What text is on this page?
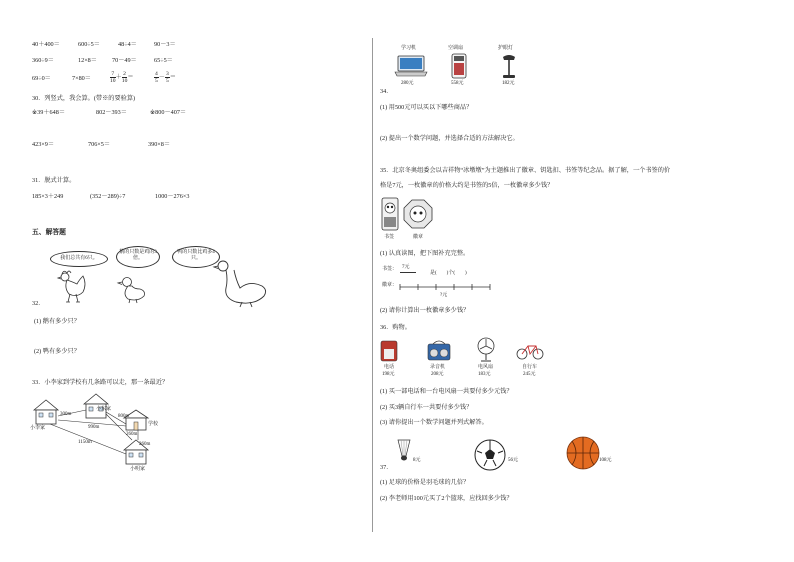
40＋400＝	600÷5＝	48÷4＝	90－3＝
360÷9＝	12×8＝ 70－49＝	65÷5＝
69÷0＝	7×80＝	$\frac{7}{10} + \frac{2}{10}$ ＝	$\frac{4}{5} - \frac{3}{5}$ ＝
30．列竖式，我会算。(带※的要验算)
※39＋648＝	802－393＝	※800－407＝
423×9＝	706×5＝	390×8＝
31．脱式计算。
185×3＋249	(352－289)÷7	1000－276×3
五、解答题
我们总共有6只。
鹅的只数是鸡的3倍。
鸭的只数比鸡多4只。
32．
(1) 鹅有多少只？
(2) 鸭有多少只？
33．小李家到学校有几条路可以走，那一条最近？
小李家
小东家
学校
小明家
300m	800m
990m
260m
1150m	260m
学习机	空调扇	护眼灯
280元	558元	182元
34．
(1) 用500元可以买以下哪些商品？
(2) 提出一个数学问题，并选择合适的方法解决它。
35．北京冬奥组委会以吉祥物“冰墩墩”为主题推出了徽章、钥匙扣、书签等纪念品。据了解，一个书签的价
格是7元，一枚徽章的价格大约是书签的5倍，一枚徽章多少钱？
书签	徽章
(1) 认真读图，把下图补充完整。
书签： 7元
是(　　)个(　　)
徽章：
?元
(2) 请你计算出一枚徽章多少钱？
36．购物。
电话	录音机	电风扇	自行车
198元	208元	183元	245元
(1) 买一部电话和一台电风扇一共要付多少元钱？
(2) 买3辆自行车一共要付多少钱？
(3) 请你提出一个数学问题并列式解答。
8元	56元	108元
37．
(1) 足球的价格是羽毛球的几倍？
(2) 李老师用100元买了2个篮球，应找回多少钱？
